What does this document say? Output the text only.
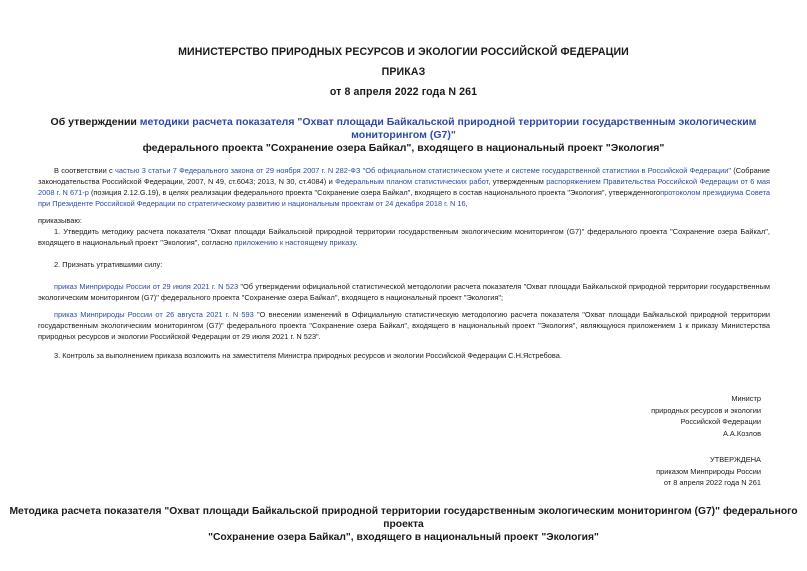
МИНИСТЕРСТВО ПРИРОДНЫХ РЕСУРСОВ И ЭКОЛОГИИ РОССИЙСКОЙ ФЕДЕРАЦИИ
ПРИКАЗ
от 8 апреля 2022 года N 261
Об утверждении методики расчета показателя "Охват площади Байкальской природной территории государственным экологическим мониторингом (G7)"
федерального проекта "Сохранение озера Байкал", входящего в национальный проект "Экология"
В соответствии с частью 3 статьи 7 Федерального закона от 29 ноября 2007 г. N 282-ФЗ "Об официальном статистическом учете и системе государственной статистики в Российской Федерации" (Собрание законодательства Российской Федерации, 2007, N 49, ст.6043; 2013, N 30, ст.4084) и Федеральным планом статистических работ, утвержденным распоряжением Правительства Российской Федерации от 6 мая 2008 г. N 671-р (позиция 2.12.G.19), в целях реализации федерального проекта "Сохранение озера Байкал", входящего в состав национального проекта "Экология", утвержденногопротоколом президиума Совета при Президенте Российской Федерации по стратегическому развитию и национальным проектам от 24 декабря 2018 г. N 16,
приказываю:
1. Утвердить методику расчета показателя "Охват площади Байкальской природной территории государственным экологическим мониторингом (G7)" федерального проекта "Сохранение озера Байкал", входящего в национальный проект "Экология", согласно приложению к настоящему приказу.
2. Признать утратившими силу:
приказ Минприроды России от 29 июля 2021 г. N 523 "Об утверждении официальной статистической методологии расчета показателя "Охват площади Байкальской природной территории государственным экологическим мониторингом (G7)" федерального проекта "Сохранение озера Байкал", входящего в национальный проект "Экология";
приказ Минприроды России от 26 августа 2021 г. N 593 "О внесении изменений в Официальную статистическую методологию расчета показателя "Охват площади Байкальской природной территории государственным экологическим мониторингом (G7)" федерального проекта "Сохранение озера Байкал", входящего в национальный проект "Экология", являющуюся приложением 1 к приказу Министерства природных ресурсов и экологии Российской Федерации от 29 июля 2021 г. N 523".
3. Контроль за выполнением приказа возложить на заместителя Министра природных ресурсов и экологии Российской Федерации С.Н.Ястребова.
Министр
природных ресурсов и экологии
Российской Федерации
А.А.Козлов
УТВЕРЖДЕНА
приказом Минприроды России
от 8 апреля 2022 года N 261
Методика расчета показателя "Охват площади Байкальской природной территории государственным экологическим мониторингом (G7)" федерального проекта
"Сохранение озера Байкал", входящего в национальный проект "Экология"
